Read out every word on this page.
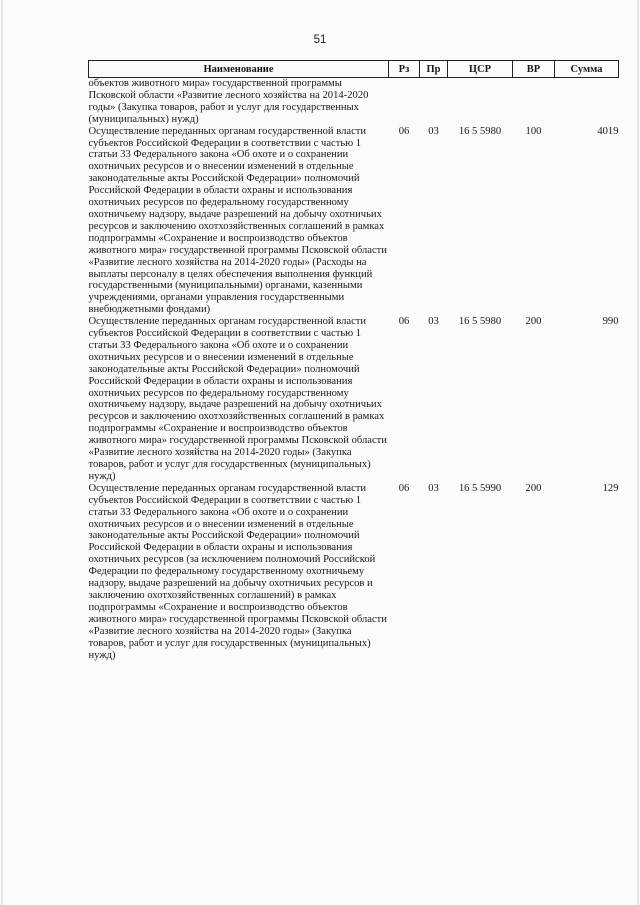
51
Наименование	Рз	Пр	ЦСР	ВР	Сумма
объектов животного мира» государственной программы Псковской области «Развитие лесного хозяйства на 2014-2020 годы» (Закупка товаров, работ и услуг для государственных (муниципальных) нужд)					
Осуществление переданных органам государственной власти субъектов Российской Федерации в соответствии с частью 1 статьи 33 Федерального закона «Об охоте и о сохранении охотничьих ресурсов и о внесении изменений в отдельные законодательные акты Российской Федерации» полномочий Российской Федерации в области охраны и использования охотничьих ресурсов по федеральному государственному охотничьему надзору, выдаче разрешений на добычу охотничьих ресурсов и заключению охотхозяйственных соглашений в рамках подпрограммы «Сохранение и воспроизводство объектов животного мира» государственной программы Псковской области «Развитие лесного хозяйства на 2014-2020 годы» (Расходы на выплаты персоналу в целях обеспечения выполнения функций государственными (муниципальными) органами, казенными учреждениями, органами управления государственными внебюджетными фондами)	06	03	16 5 5980	100	4019
Осуществление переданных органам государственной власти субъектов Российской Федерации в соответствии с частью 1 статьи 33 Федерального закона «Об охоте и о сохранении охотничьих ресурсов и о внесении изменений в отдельные законодательные акты Российской Федерации» полномочий Российской Федерации в области охраны и использования охотничьих ресурсов по федеральному государственному охотничьему надзору, выдаче разрешений на добычу охотничьих ресурсов и заключению охотхозяйственных соглашений в рамках подпрограммы «Сохранение и воспроизводство объектов животного мира» государственной программы Псковской области «Развитие лесного хозяйства на 2014-2020 годы» (Закупка товаров, работ и услуг для государственных (муниципальных) нужд)	06	03	16 5 5980	200	990
Осуществление переданных органам государственной власти субъектов Российской Федерации в соответствии с частью 1 статьи 33 Федерального закона «Об охоте и о сохранении охотничьих ресурсов и о внесении изменений в отдельные законодательные акты Российской Федерации» полномочий Российской Федерации в области охраны и использования охотничьих ресурсов (за исключением полномочий Российской Федерации по федеральному государственному охотничьему надзору, выдаче разрешений на добычу охотничьих ресурсов и заключению охотхозяйственных соглашений) в рамках подпрограммы «Сохранение и воспроизводство объектов животного мира» государственной программы Псковской области «Развитие лесного хозяйства на 2014-2020 годы» (Закупка товаров, работ и услуг для государственных (муниципальных) нужд)	06	03	16 5 5990	200	129
